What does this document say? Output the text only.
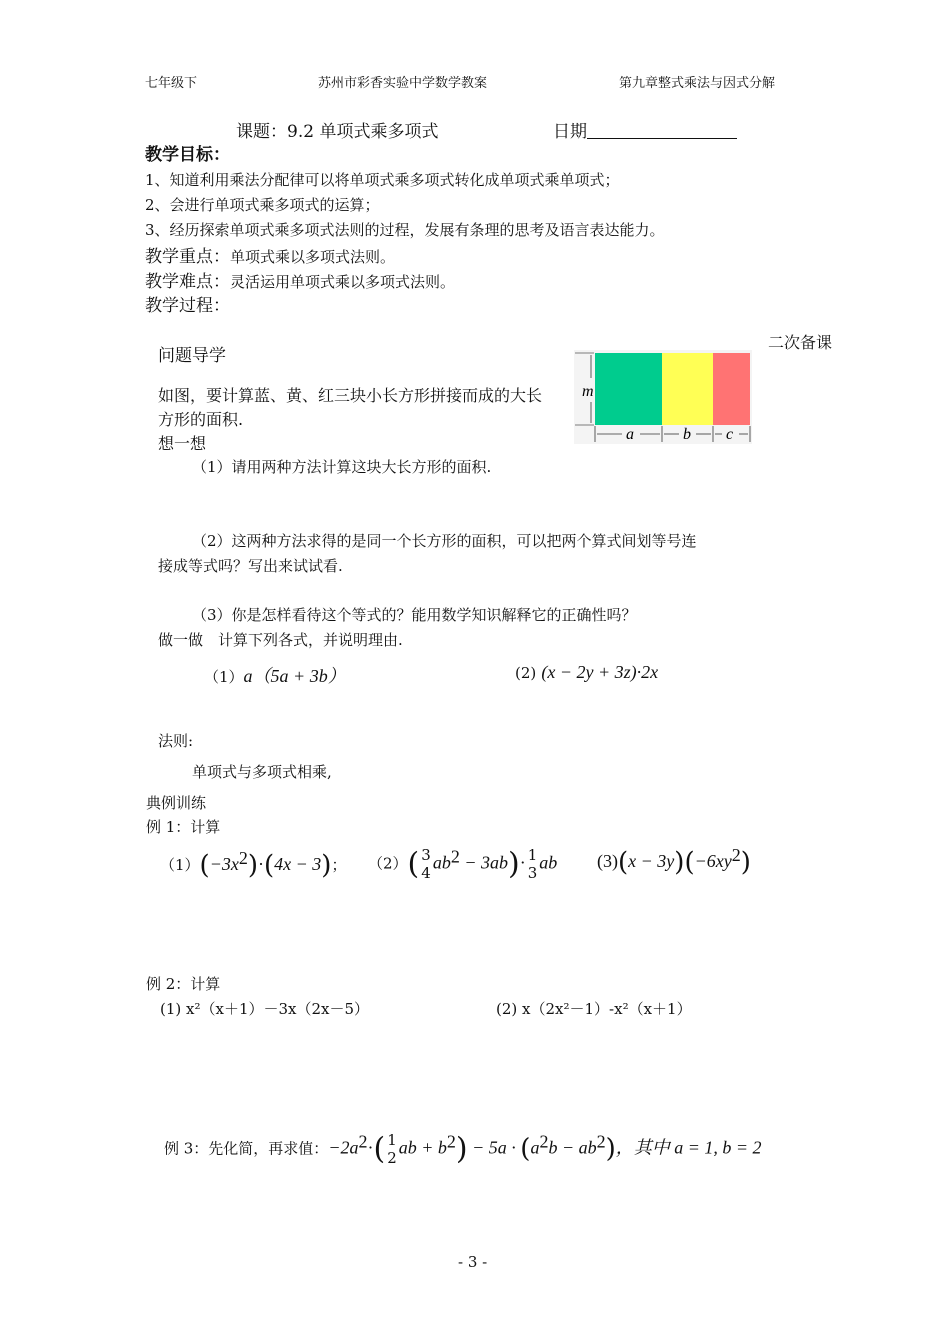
七年级下	苏州市彩香实验中学数学教案	第九章整式乘法与因式分解
课题：9.2 单项式乘多项式	日期
教学目标：
1、知道利用乘法分配律可以将单项式乘多项式转化成单项式乘单项式；
2、会进行单项式乘多项式的运算；
3、经历探索单项式乘多项式法则的过程，发展有条理的思考及语言表达能力。
教学重点：单项式乘以多项式法则。
教学难点：灵活运用单项式乘以多项式法则。
教学过程：
二次备课
问题导学
如图，要计算蓝、黄、红三块小长方形拼接而成的大长
方形的面积.
想一想
m
a	b c
（1）请用两种方法计算这块大长方形的面积.
（2）这两种方法求得的是同一个长方形的面积，可以把两个算式间划等号连
接成等式吗？写出来试试看.
（3）你是怎样看待这个等式的？能用数学知识解释它的正确性吗？
做一做　计算下列各式，并说明理由.
（1）a（5a + 3b）	(2) (x − 2y + 3z)·2x
法则:
单项式与多项式相乘,
典例训练
例 1：计算
$(1)(-3x^2)\cdot(4x - 3)$； （2）( 3
4
$ab^2 - 3ab)\cdot 1$
3
ab $(3)(x - 3y)(-6xy^2)$
例 2：计算
(1) x²（x＋1）－3x（2x－5）	(2) x（2x²－1）-x²（x＋1）
例 3：先化简，再求值：$-2a^2\cdot$( 1
2
ab + $b^2) - 5a \cdot (a^2b - ab^2)$，其中 a = 1, b = 2
- 3 -
